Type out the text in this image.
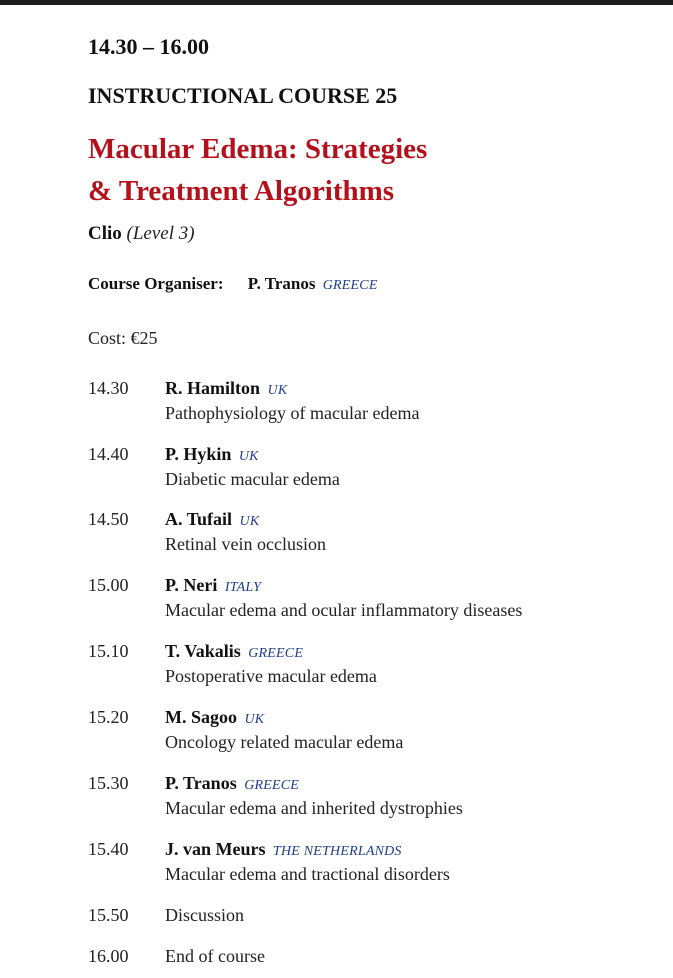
14.30 – 16.00
INSTRUCTIONAL COURSE 25
Macular Edema: Strategies
& Treatment Algorithms
Clio (Level 3)
Course Organiser: P. Tranos GREECE
Cost: €25
14.30 R. Hamilton UK
Pathophysiology of macular edema
14.40 P. Hykin UK
Diabetic macular edema
14.50 A. Tufail UK
Retinal vein occlusion
15.00 P. Neri ITALY
Macular edema and ocular inflammatory diseases
15.10 T. Vakalis GREECE
Postoperative macular edema
15.20 M. Sagoo UK
Oncology related macular edema
15.30 P. Tranos GREECE
Macular edema and inherited dystrophies
15.40 J. van Meurs THE NETHERLANDS
Macular edema and tractional disorders
15.50 Discussion
16.00 End of course
